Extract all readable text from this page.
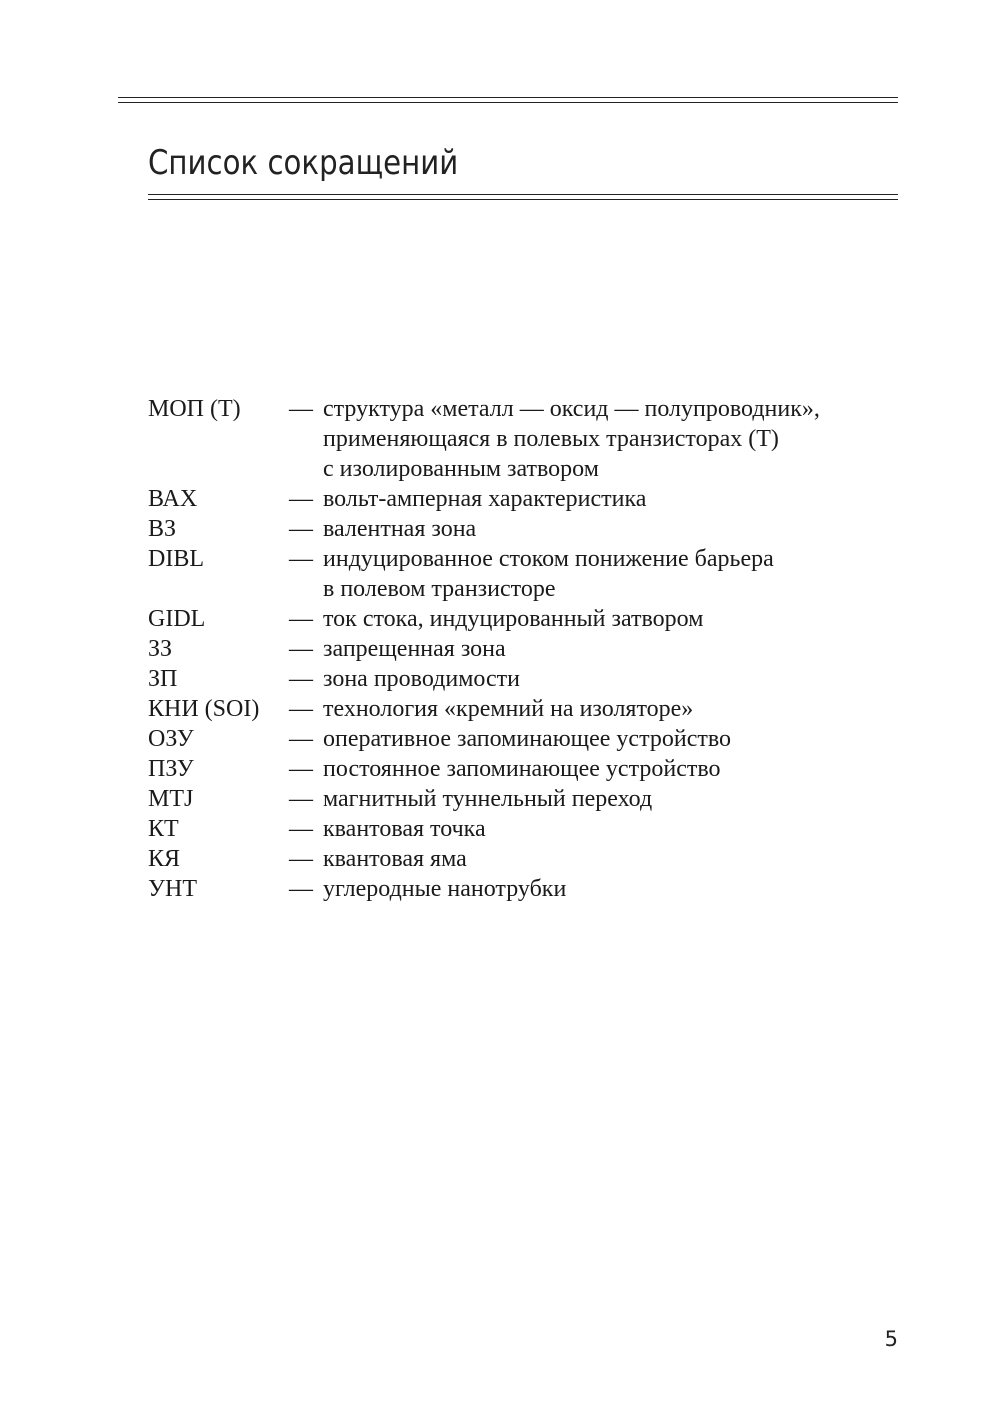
Список сокращений
МОП (Т)	— структура «металл — оксид — полупроводник»,
применяющаяся в полевых транзисторах (Т)
с изолированным затвором
ВАХ	— вольт-амперная характеристика
ВЗ	— валентная зона
DIBL	— индуцированное стоком понижение барьера
в полевом транзисторе
GIDL	— ток стока, индуцированный затвором
ЗЗ	— запрещенная зона
ЗП	— зона проводимости
КНИ (SOI)	— технология «кремний на изоляторе»
ОЗУ	— оперативное запоминающее устройство
ПЗУ	— постоянное запоминающее устройство
MTJ	— магнитный туннельный переход
КТ	— квантовая точка
КЯ	— квантовая яма
УНТ	— углеродные нанотрубки
5
